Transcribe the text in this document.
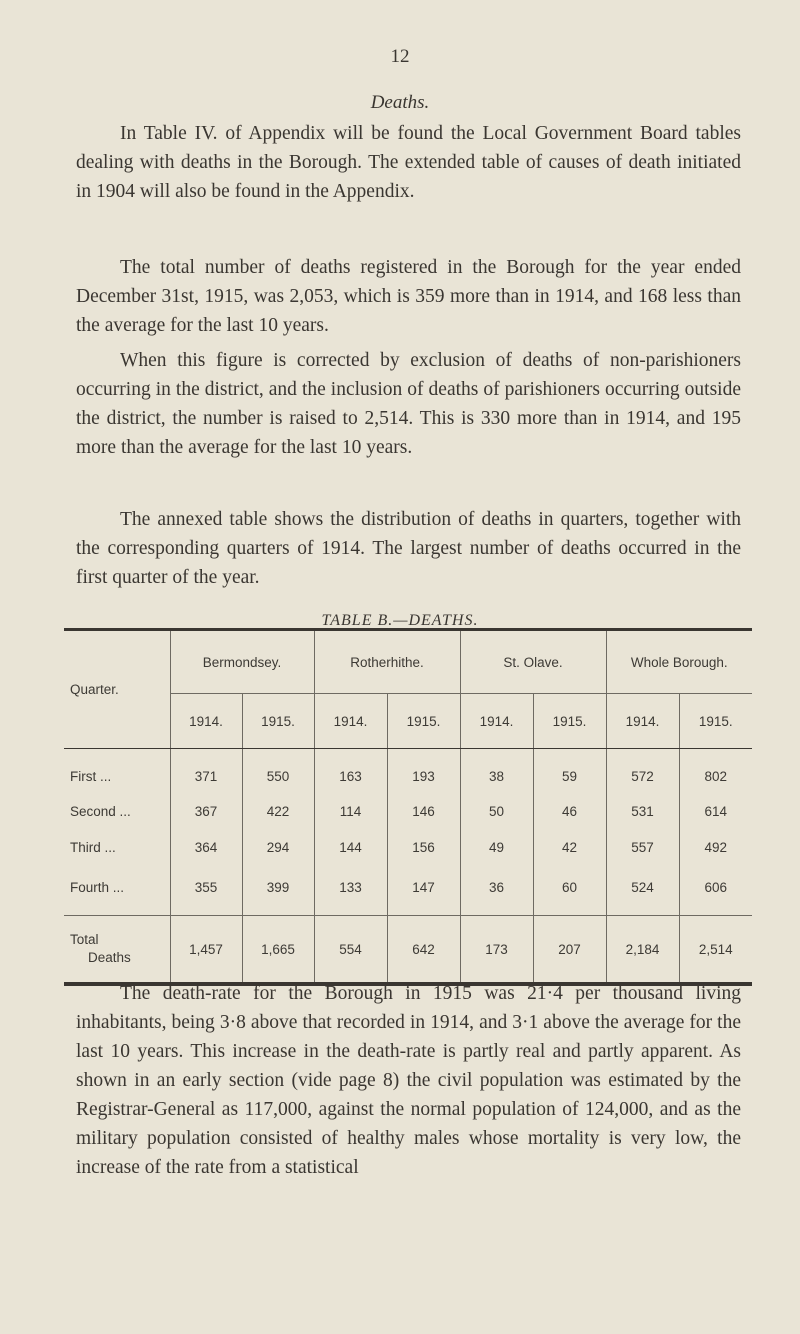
12
Deaths.

In Table IV. of Appendix will be found the Local Government Board tables dealing with deaths in the Borough. The extended table of causes of death initiated in 1904 will also be found in the Appendix.

The total number of deaths registered in the Borough for the year ended December 31st, 1915, was 2,053, which is 359 more than in 1914, and 168 less than the average for the last 10 years.

When this figure is corrected by exclusion of deaths of non-parishioners occurring in the district, and the inclusion of deaths of parishioners occurring outside the district, the number is raised to 2,514. This is 330 more than in 1914, and 195 more than the average for the last 10 years.

The annexed table shows the distribution of deaths in quarters, together with the corresponding quarters of 1914. The largest number of deaths occurred in the first quarter of the year.

TABLE B.—DEATHS.
Quarter.	Bermondsey.		Rotherhithe.		St. Olave.		Whole Borough.	
	1914.	1915.	1914.	1915.	1914.	1915.	1914.	1915.
First ...	371	550	163	193	38	59	572	802
Second ...	367	422	114	146	50	46	531	614
Third ...	364	294	144	156	49	42	557	492
Fourth ...	355	399	133	147	36	60	524	606

Total
Deaths	1,457	1,665	554	642	173	207	2,184	2,514

The death-rate for the Borough in 1915 was 21·4 per thousand living inhabitants, being 3·8 above that recorded in 1914, and 3·1 above the average for the last 10 years. This increase in the death-rate is partly real and partly apparent. As shown in an early section (vide page 8) the civil population was estimated by the Registrar-General as 117,000, against the normal population of 124,000, and as the military population consisted of healthy males whose mortality is very low, the increase of the rate from a statistical
